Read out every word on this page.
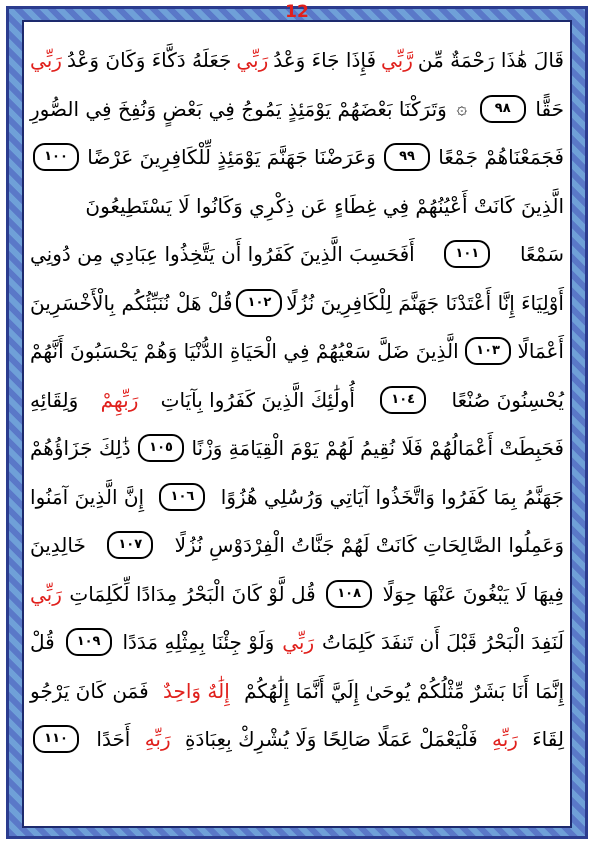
12
قَالَ هَٰذَا رَحْمَةٌ مِّن
رَّبِّي
فَإِذَا جَاءَ وَعْدُ
رَبِّي
جَعَلَهُ دَكَّاءَ وَكَانَ وَعْدُ
رَبِّي
حَقًّا
٩٨
۞
وَتَرَكْنَا بَعْضَهُمْ يَوْمَئِذٍ يَمُوجُ فِي بَعْضٍ وَنُفِخَ فِي الصُّورِ
فَجَمَعْنَاهُمْ جَمْعًا
٩٩
وَعَرَضْنَا جَهَنَّمَ يَوْمَئِذٍ لِّلْكَافِرِينَ عَرْضًا
١٠٠
الَّذِينَ كَانَتْ أَعْيُنُهُمْ فِي غِطَاءٍ عَن ذِكْرِي وَكَانُوا لَا يَسْتَطِيعُونَ
سَمْعًا
١٠١
أَفَحَسِبَ الَّذِينَ كَفَرُوا أَن يَتَّخِذُوا عِبَادِي مِن دُونِي
أَوْلِيَاءَ إِنَّا أَعْتَدْنَا جَهَنَّمَ لِلْكَافِرِينَ نُزُلًا
١٠٢
قُلْ هَلْ نُنَبِّئُكُم بِالْأَخْسَرِينَ
أَعْمَالًا
١٠٣
الَّذِينَ ضَلَّ سَعْيُهُمْ فِي الْحَيَاةِ الدُّنْيَا وَهُمْ يَحْسَبُونَ أَنَّهُمْ
يُحْسِنُونَ صُنْعًا
١٠٤
أُولَٰئِكَ الَّذِينَ كَفَرُوا بِآيَاتِ
رَبِّهِمْ
وَلِقَائِهِ
فَحَبِطَتْ أَعْمَالُهُمْ فَلَا نُقِيمُ لَهُمْ يَوْمَ الْقِيَامَةِ وَزْنًا
١٠٥
ذَٰلِكَ جَزَاؤُهُمْ
جَهَنَّمُ بِمَا كَفَرُوا وَاتَّخَذُوا آيَاتِي وَرُسُلِي هُزُوًا
١٠٦
إِنَّ الَّذِينَ آمَنُوا
وَعَمِلُوا الصَّالِحَاتِ كَانَتْ لَهُمْ جَنَّاتُ الْفِرْدَوْسِ نُزُلًا
١٠٧
خَالِدِينَ
فِيهَا لَا يَبْغُونَ عَنْهَا حِوَلًا
١٠٨
قُل لَّوْ كَانَ الْبَحْرُ مِدَادًا لِّكَلِمَاتِ
رَبِّي
لَنَفِدَ الْبَحْرُ قَبْلَ أَن تَنفَدَ كَلِمَاتُ
رَبِّي
وَلَوْ جِئْنَا بِمِثْلِهِ مَدَدًا
١٠٩
قُلْ
إِنَّمَا أَنَا بَشَرٌ مِّثْلُكُمْ يُوحَىٰ إِلَيَّ أَنَّمَا إِلَٰهُكُمْ
إِلَٰهٌ وَاحِدٌ
فَمَن كَانَ يَرْجُو
لِقَاءَ
رَبِّهِ
فَلْيَعْمَلْ عَمَلًا صَالِحًا وَلَا يُشْرِكْ بِعِبَادَةِ
رَبِّهِ
أَحَدًا
١١٠
